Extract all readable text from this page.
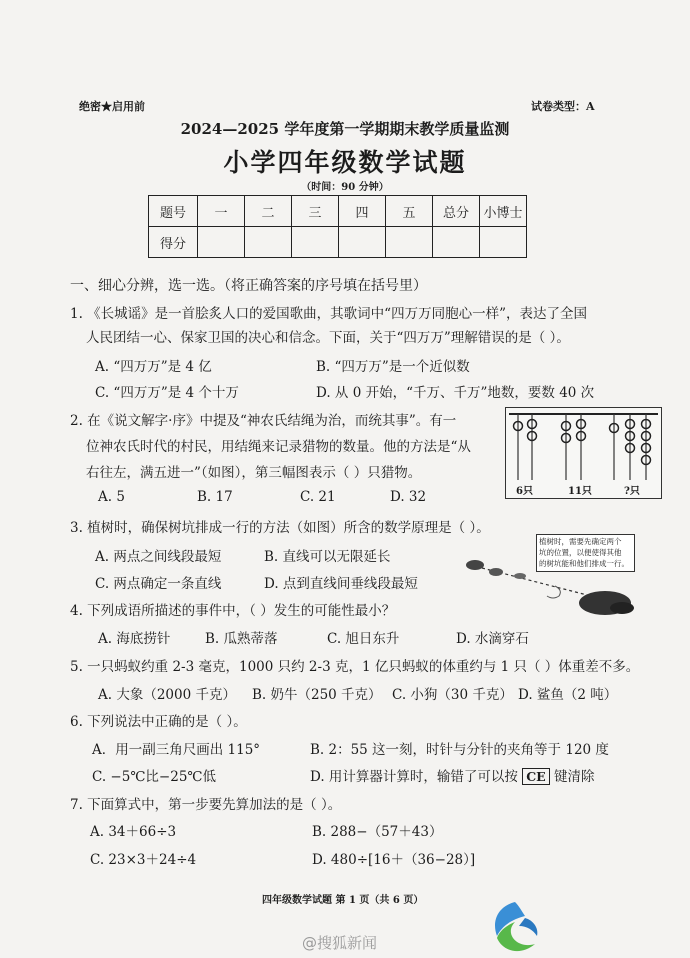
绝密★启用前	试卷类型：A
2024—2025 学年度第一学期期末教学质量监测
小学四年级数学试题
（时间：90 分钟）
题号	一	二	三	四	五	总分	小博士
得分							
一、细心分辨，选一选。（将正确答案的序号填在括号里）
1. 《长城谣》是一首脍炙人口的爱国歌曲，其歌词中“四万万同胞心一样”，表达了全国
人民团结一心、保家卫国的决心和信念。下面，关于“四万万”理解错误的是（ ）。
A. “四万万”是 4 亿	B. “四万万”是一个近似数
C. “四万万”是 4 个十万	D. 从 0 开始，“千万、千万”地数，要数 40 次
2. 在《说文解字·序》中提及“神农氏结绳为治，而统其事”。有一
位神农氏时代的村民，用结绳来记录猎物的数量。他的方法是“从
右往左，满五进一”（如图），第三幅图表示（ ）只猎物。
A. 5	B. 17	C. 21	D. 32	6只	11只	?只
3. 植树时，确保树坑排成一行的方法（如图）所含的数学原理是（ ）。
A. 两点之间线段最短	B. 直线可以无限延长
C. 两点确定一条直线	D. 点到直线间垂线段最短
植树时，需要先确定两个
坑的位置，以便使得其他
的树坑能和他们排成一行。
4. 下列成语所描述的事件中，（ ）发生的可能性最小？
A. 海底捞针	B. 瓜熟蒂落	C. 旭日东升	D. 水滴穿石
5. 一只蚂蚁约重 2-3 毫克，1000 只约 2-3 克，1 亿只蚂蚁的体重约与 1 只（ ）体重差不多。
A. 大象（2000 千克） B. 奶牛（250 千克） C. 小狗（30 千克） D. 鲨鱼（2 吨）
6. 下列说法中正确的是（ ）。
A．用一副三角尺画出 115°	B. 2：55 这一刻，时针与分针的夹角等于 120 度
C. −5℃比−25℃低	D. 用计算器计算时，输错了可以按 CE 键清除
7. 下面算式中，第一步要先算加法的是（ ）。
A. 34＋66÷3	B. 288−（57＋43）
C. 23×3＋24÷4	D. 480÷[16＋（36−28）]
四年级数学试题 第 1 页（共 6 页）
@搜狐新闻
